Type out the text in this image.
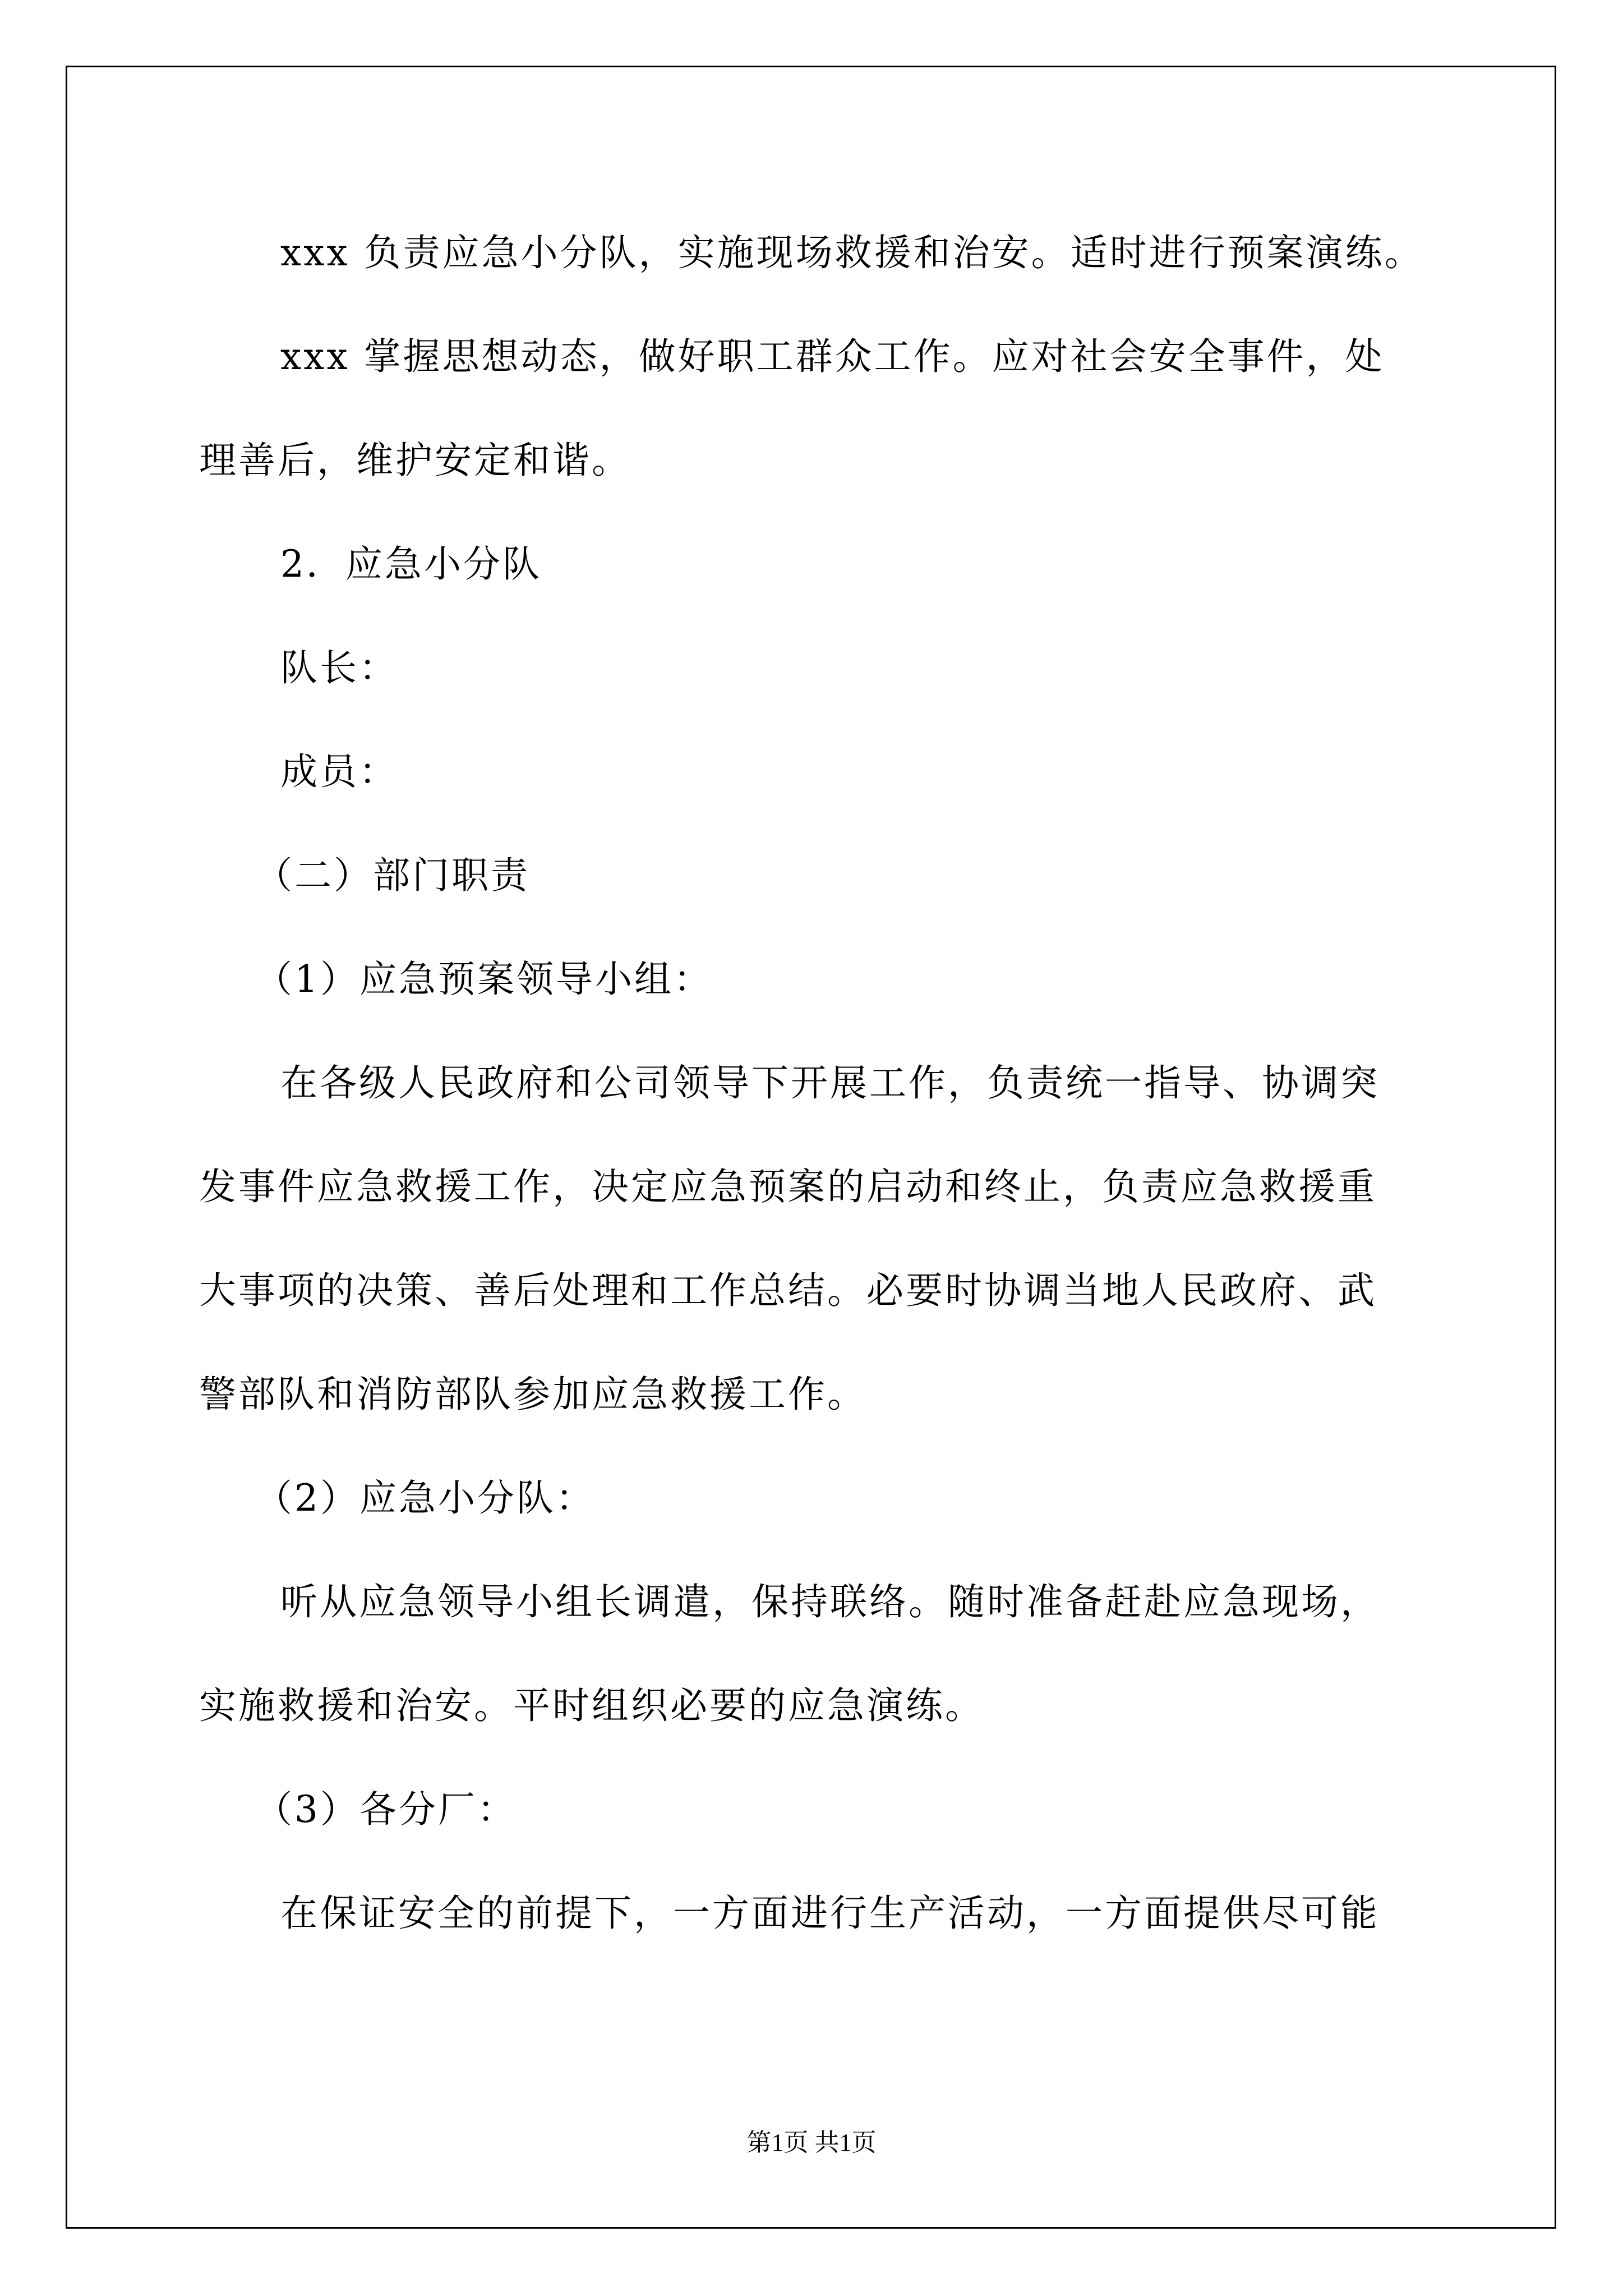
xxx 负责应急小分队，实施现场救援和治安。适时进行预案演练。
xxx 掌握思想动态，做好职工群众工作。应对社会安全事件，处
理善后，维护安定和谐。
2．应急小分队
队长：
成员：
（二）部门职责
（1）应急预案领导小组：
在各级人民政府和公司领导下开展工作，负责统一指导、协调突
发事件应急救援工作，决定应急预案的启动和终止，负责应急救援重
大事项的决策、善后处理和工作总结。必要时协调当地人民政府、武
警部队和消防部队参加应急救援工作。
（2）应急小分队：
听从应急领导小组长调遣，保持联络。随时准备赶赴应急现场，
实施救援和治安。平时组织必要的应急演练。
（3）各分厂：
在保证安全的前提下，一方面进行生产活动，一方面提供尽可能
第1页 共1页
